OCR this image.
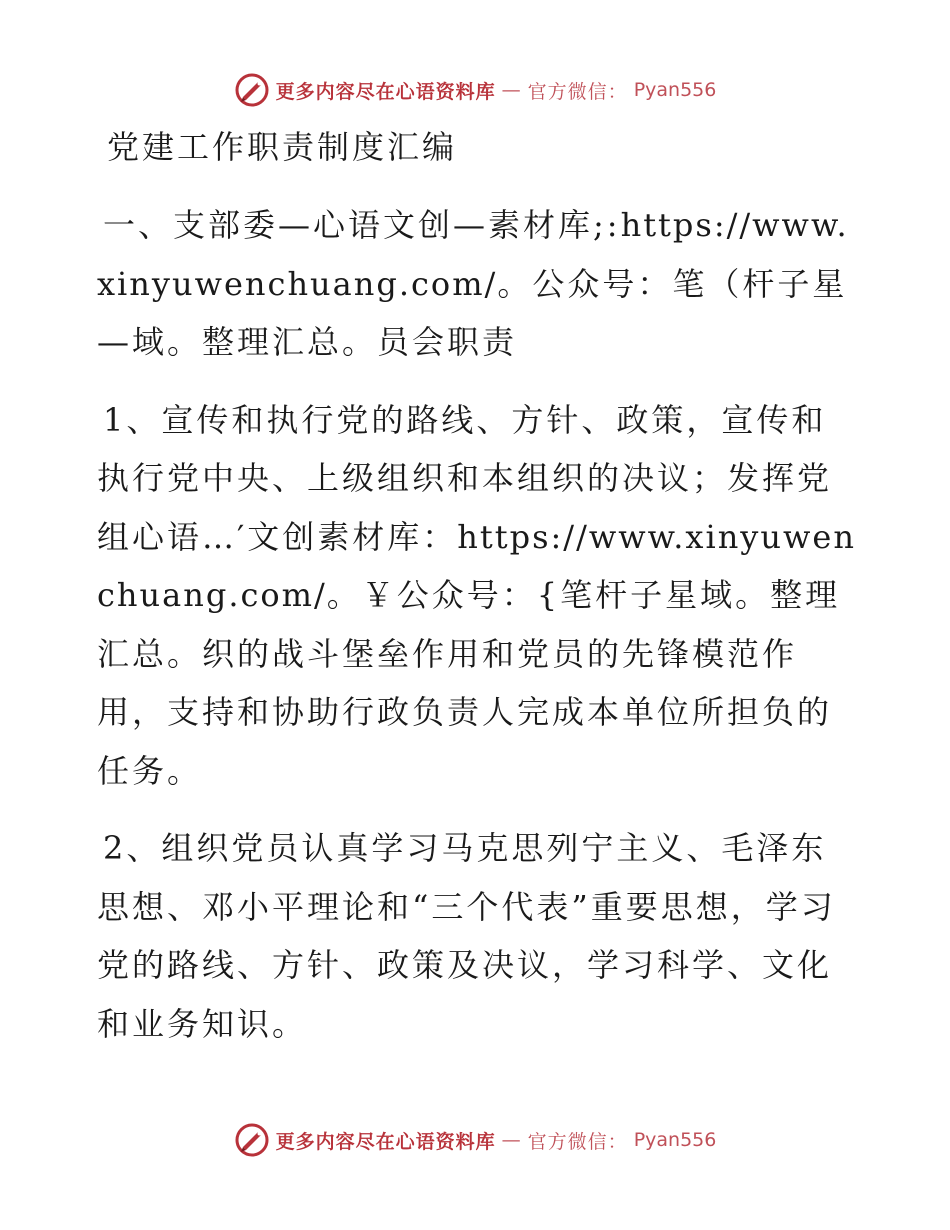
更多内容尽在心语资料库 — 官方微信： Pyan556
党建工作职责制度汇编

一、支部委—心语文创—素材库;:https://www.xinyuwenchuang.com/。公众号：笔（杆子星—域。整理汇总。员会职责

1、宣传和执行党的路线、方针、政策，宣传和执行党中央、上级组织和本组织的决议；发挥党组心语…′文创素材库：https://www.xinyuwenchuang.com/。￥公众号：{笔杆子星域。整理汇总。织的战斗堡垒作用和党员的先锋模范作用，支持和协助行政负责人完成本单位所担负的任务。

2、组织党员认真学习马克思列宁主义、毛泽东思想、邓小平理论和“三个代表”重要思想，学习党的路线、方针、政策及决议，学习科学、文化和业务知识。

更多内容尽在心语资料库 — 官方微信： Pyan556
